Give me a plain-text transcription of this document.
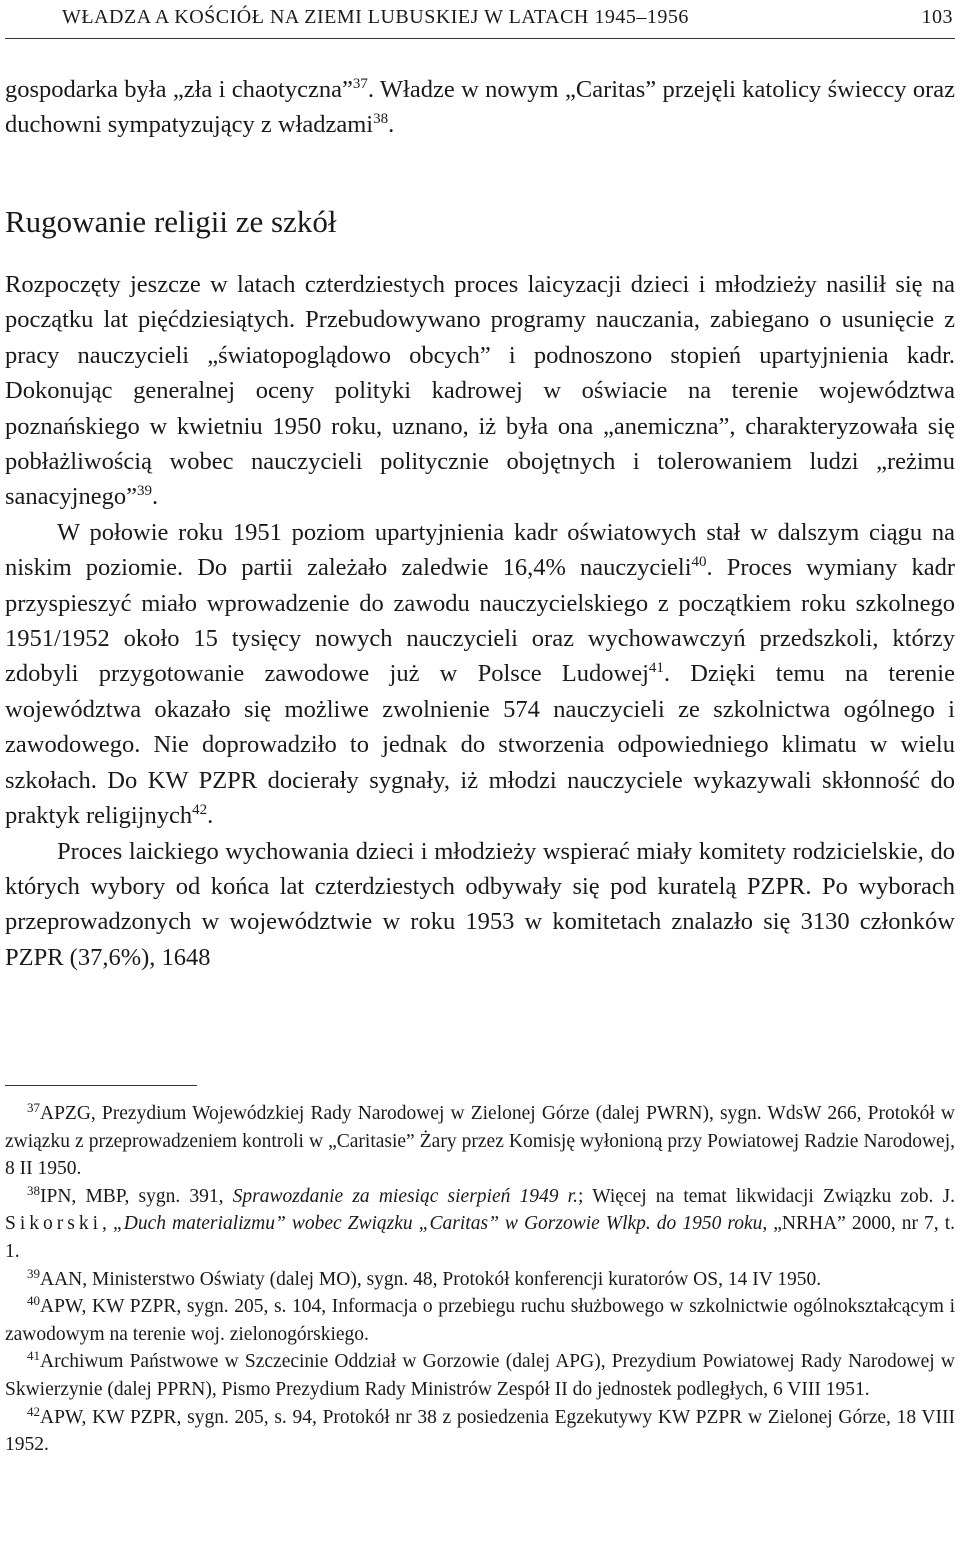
WŁADZA A KOŚCIÓŁ NA ZIEMI LUBUSKIEJ W LATACH 1945–1956	103

gospodarka była „zła i chaotyczna”$^{37}$. Władze w nowym „Caritas” przejęli katolicy świeccy oraz duchowni sympatyzujący z władzami$^{38}$.

Rugowanie religii ze szkół

Rozpoczęty jeszcze w latach czterdziestych proces laicyzacji dzieci i młodzieży nasilił się na początku lat pięćdziesiątych. Przebudowywano programy nauczania, zabiegano o usunięcie z pracy nauczycieli „światopoglądowo obcych” i podnoszono stopień upartyjnienia kadr. Dokonując generalnej oceny polityki kadrowej w oświacie na terenie województwa poznańskiego w kwietniu 1950 roku, uznano, iż była ona „anemiczna”, charakteryzowała się pobłażliwością wobec nauczycieli politycznie obojętnych i tolerowaniem ludzi „reżimu sanacyjnego”$^{39}$.

W połowie roku 1951 poziom upartyjnienia kadr oświatowych stał w dalszym ciągu na niskim poziomie. Do partii zależało zaledwie 16,4% nauczycieli$^{40}$. Proces wymiany kadr przyspieszyć miało wprowadzenie do zawodu nauczycielskiego z początkiem roku szkolnego 1951/1952 około 15 tysięcy nowych nauczycieli oraz wychowawczyń przedszkoli, którzy zdobyli przygotowanie zawodowe już w Polsce Ludowej$^{41}$. Dzięki temu na terenie województwa okazało się możliwe zwolnienie 574 nauczycieli ze szkolnictwa ogólnego i zawodowego. Nie doprowadziło to jednak do stworzenia odpowiedniego klimatu w wielu szkołach. Do KW PZPR docierały sygnały, iż młodzi nauczyciele wykazywali skłonność do praktyk religijnych$^{42}$.

Proces laickiego wychowania dzieci i młodzieży wspierać miały komitety rodzicielskie, do których wybory od końca lat czterdziestych odbywały się pod kuratelą PZPR. Po wyborach przeprowadzonych w województwie w roku 1953 w komitetach znalazło się 3130 członków PZPR (37,6%), 1648

$^{37}$APZG, Prezydium Wojewódzkiej Rady Narodowej w Zielonej Górze (dalej PWRN), sygn. WdsW 266, Protokół w związku z przeprowadzeniem kontroli w „Caritasie” Żary przez Komisję wyłonioną przy Powiatowej Radzie Narodowej, 8 II 1950.

$^{38}$IPN, MBP, sygn. 391, Sprawozdanie za miesiąc sierpień 1949 r.; Więcej na temat likwidacji Związku zob. J. Sikorski, „Duch materializmu” wobec Związku „Caritas” w Gorzowie Wlkp. do 1950 roku, „NRHA” 2000, nr 7, t. 1.

$^{39}$AAN, Ministerstwo Oświaty (dalej MO), sygn. 48, Protokół konferencji kuratorów OS, 14 IV 1950.

$^{40}$APW, KW PZPR, sygn. 205, s. 104, Informacja o przebiegu ruchu służbowego w szkolnictwie ogólnokształcącym i zawodowym na terenie woj. zielonogórskiego.

$^{41}$Archiwum Państwowe w Szczecinie Oddział w Gorzowie (dalej APG), Prezydium Powiatowej Rady Narodowej w Skwierzynie (dalej PPRN), Pismo Prezydium Rady Ministrów Zespół II do jednostek podległych, 6 VIII 1951.

$^{42}$APW, KW PZPR, sygn. 205, s. 94, Protokół nr 38 z posiedzenia Egzekutywy KW PZPR w Zielonej Górze, 18 VIII 1952.
